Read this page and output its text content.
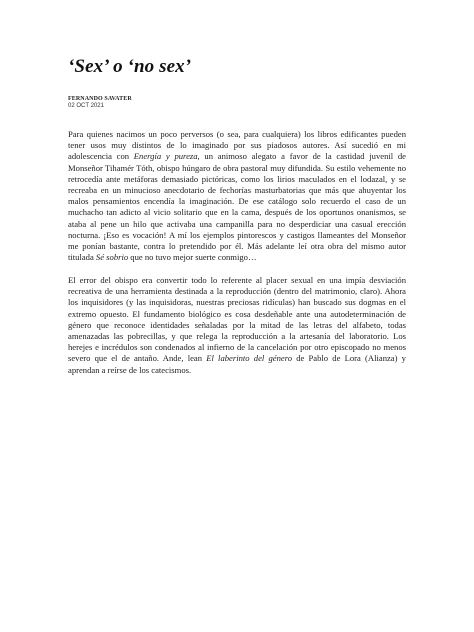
‘Sex’ o ‘no sex’
FERNANDO SAVATER
02 OCT 2021

Para quienes nacimos un poco perversos (o sea, para cualquiera) los libros edificantes pueden tener usos muy distintos de lo imaginado por sus piadosos autores. Así sucedió en mi adolescencia con Energía y pureza, un animoso alegato a favor de la castidad juvenil de Monseñor Tihamér Tóth, obispo húngaro de obra pastoral muy difundida. Su estilo vehemente no retrocedía ante metáforas demasiado pictóricas, como los lirios maculados en el lodazal, y se recreaba en un minucioso anecdotario de fechorías masturbatorias que más que ahuyentar los malos pensamientos encendía la imaginación. De ese catálogo solo recuerdo el caso de un muchacho tan adicto al vicio solitario que en la cama, después de los oportunos onanismos, se ataba al pene un hilo que activaba una campanilla para no desperdiciar una casual erección nocturna. ¡Eso es vocación! A mí los ejemplos pintorescos y castigos llameantes del Monseñor me ponían bastante, contra lo pretendido por él. Más adelante leí otra obra del mismo autor titulada Sé sobrio que no tuvo mejor suerte conmigo…

El error del obispo era convertir todo lo referente al placer sexual en una impía desviación recreativa de una herramienta destinada a la reproducción (dentro del matrimonio, claro). Ahora los inquisidores (y las inquisidoras, nuestras preciosas ridículas) han buscado sus dogmas en el extremo opuesto. El fundamento biológico es cosa desdeñable ante una autodeterminación de género que reconoce identidades señaladas por la mitad de las letras del alfabeto, todas amenazadas las pobrecillas, y que relega la reproducción a la artesanía del laboratorio. Los herejes e incrédulos son condenados al infierno de la cancelación por otro episcopado no menos severo que el de antaño. Ande, lean El laberinto del género de Pablo de Lora (Alianza) y aprendan a reírse de los catecismos.
